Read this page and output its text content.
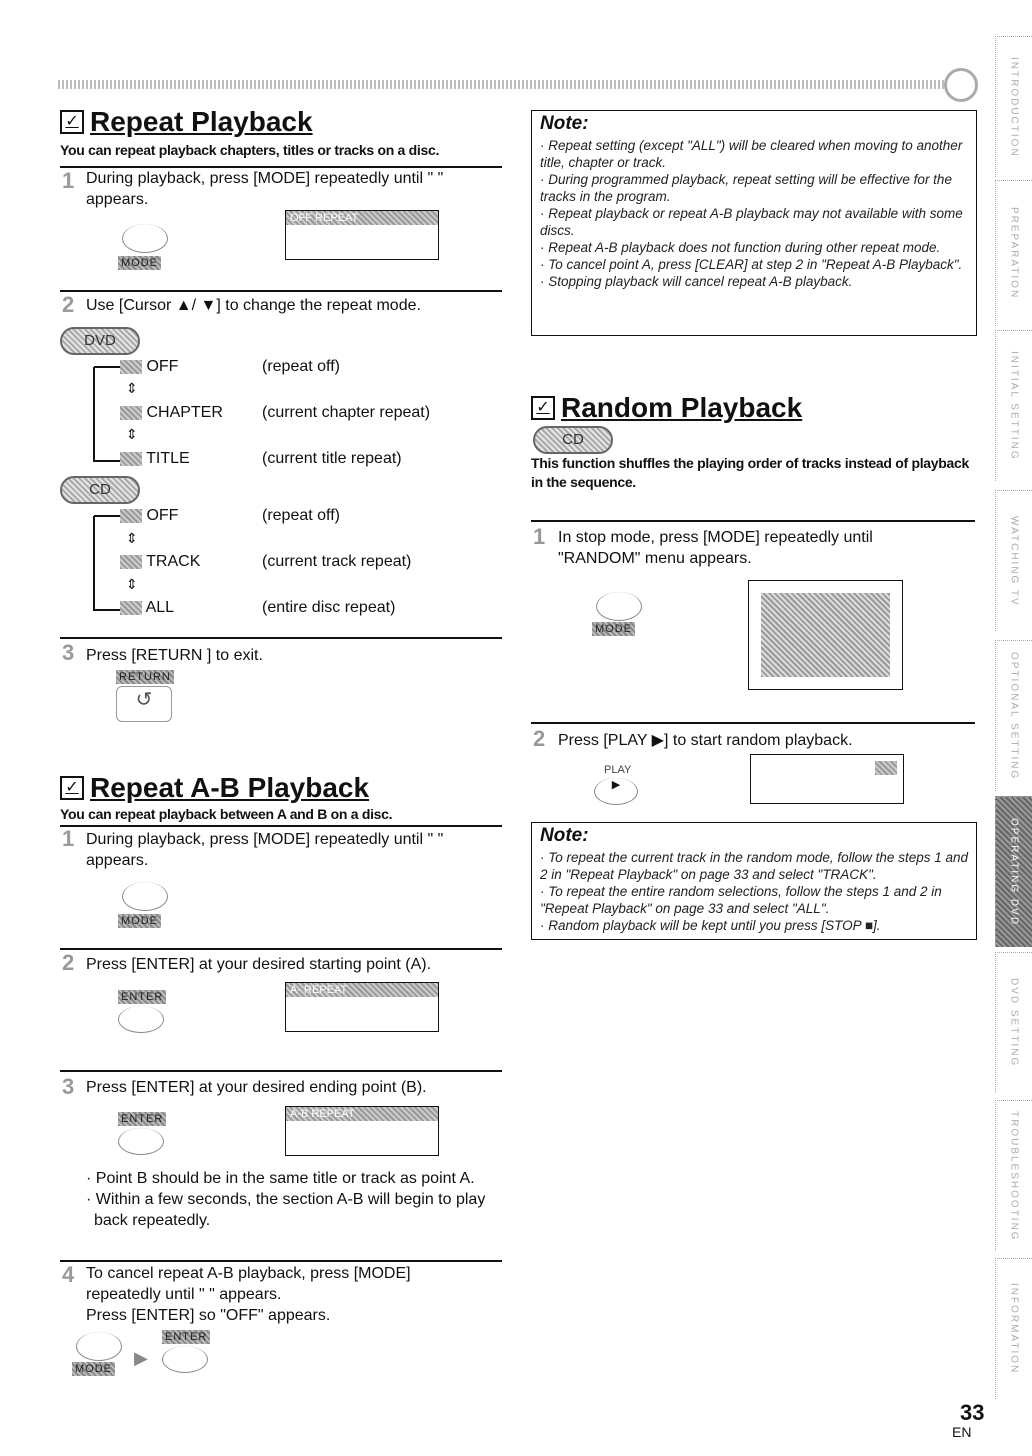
✓ Repeat Playback
You can repeat playback chapters, titles or tracks on a disc.
1 During playback, press [MODE] repeatedly until " " appears.
MODE
OFF REPEAT
2 Use [Cursor ▲/ ▼] to change the repeat mode.
DVD
OFF	(repeat off)
⇕
CHAPTER (current chapter repeat)
⇕
TITLE	(current title repeat)
CD
OFF	(repeat off)
⇕
TRACK	(current track repeat)
⇕
ALL	(entire disc repeat)
3 Press [RETURN ] to exit.
RETURN
↺
Note:
· Repeat setting (except "ALL") will be cleared when moving to another title, chapter or track.
· During programmed playback, repeat setting will be effective for the tracks in the program.
· Repeat playback or repeat A-B playback may not available with some discs.
· Repeat A-B playback does not function during other repeat mode.
· To cancel point A, press [CLEAR] at step 2 in "Repeat A-B Playback".
· Stopping playback will cancel repeat A-B playback.
✓ Random Playback
CD
This function shuffles the playing order of tracks instead of playback in the sequence.
1 In stop mode, press [MODE] repeatedly until "RANDOM" menu appears.
MODE
2 Press [PLAY ▶] to start random playback.
PLAY
▶
Note:
· To repeat the current track in the random mode, follow the steps 1 and 2 in "Repeat Playback" on page 33 and select "TRACK".
· To repeat the entire random selections, follow the steps 1 and 2 in "Repeat Playback" on page 33 and select "ALL".
· Random playback will be kept until you press [STOP ■].
✓ Repeat A-B Playback
You can repeat playback between A and B on a disc.
1 During playback, press [MODE] repeatedly until " " appears.
MODE
2 Press [ENTER] at your desired starting point (A).
ENTER
A- REPEAT
3 Press [ENTER] at your desired ending point (B).
ENTER	A-B REPEAT
· Point B should be in the same title or track as point A.
· Within a few seconds, the section A-B will begin to play back repeatedly.
4 To cancel repeat A-B playback, press [MODE] repeatedly until " " appears.
Press [ENTER] so "OFF" appears.
MODE
▶
ENTER
33
EN
INTRODUCTION
PREPARATION
INITIAL SETTING
WATCHING TV
OPTIONAL SETTING
OPERATING DVD
DVD SETTING
TROUBLESHOOTING
INFORMATION
